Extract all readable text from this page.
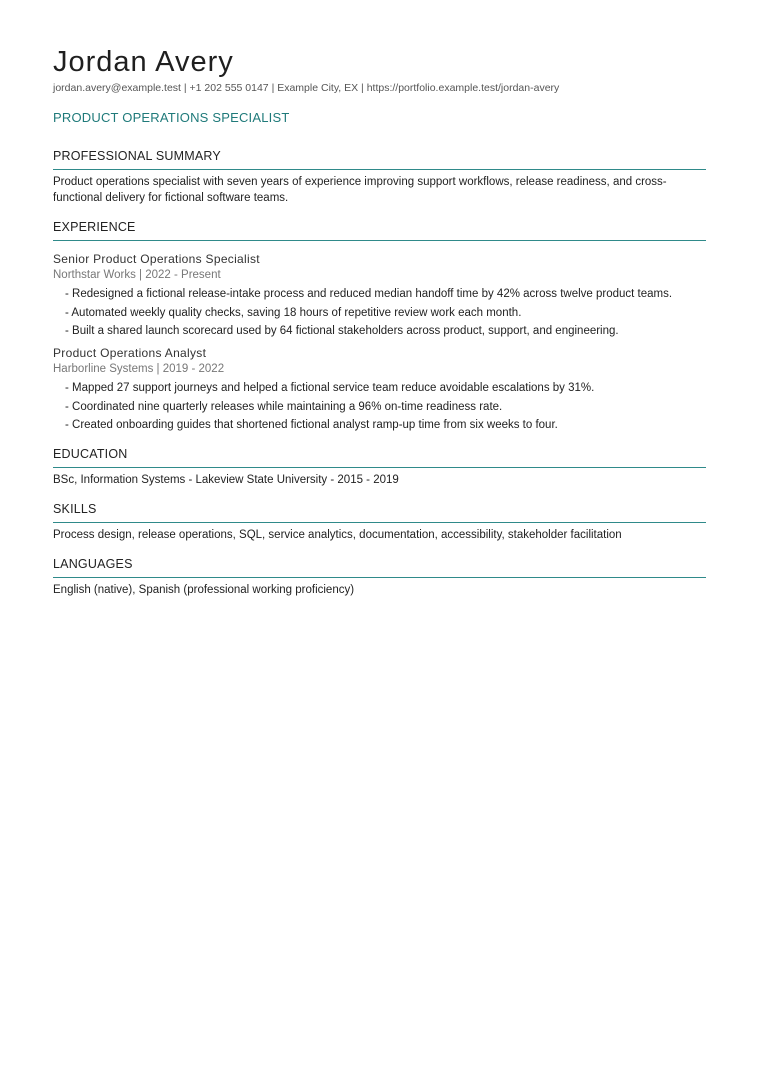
Jordan Avery
jordan.avery@example.test | +1 202 555 0147 | Example City, EX | https://portfolio.example.test/jordan-avery
PRODUCT OPERATIONS SPECIALIST
PROFESSIONAL SUMMARY
Product operations specialist with seven years of experience improving support workflows, release readiness, and cross-functional delivery for fictional software teams.
EXPERIENCE
Senior Product Operations Specialist
Northstar Works | 2022 - Present
- Redesigned a fictional release-intake process and reduced median handoff time by 42% across twelve product teams.
- Automated weekly quality checks, saving 18 hours of repetitive review work each month.
- Built a shared launch scorecard used by 64 fictional stakeholders across product, support, and engineering.
Product Operations Analyst
Harborline Systems | 2019 - 2022
- Mapped 27 support journeys and helped a fictional service team reduce avoidable escalations by 31%.
- Coordinated nine quarterly releases while maintaining a 96% on-time readiness rate.
- Created onboarding guides that shortened fictional analyst ramp-up time from six weeks to four.
EDUCATION
BSc, Information Systems - Lakeview State University - 2015 - 2019
SKILLS
Process design, release operations, SQL, service analytics, documentation, accessibility, stakeholder facilitation
LANGUAGES
English (native), Spanish (professional working proficiency)
